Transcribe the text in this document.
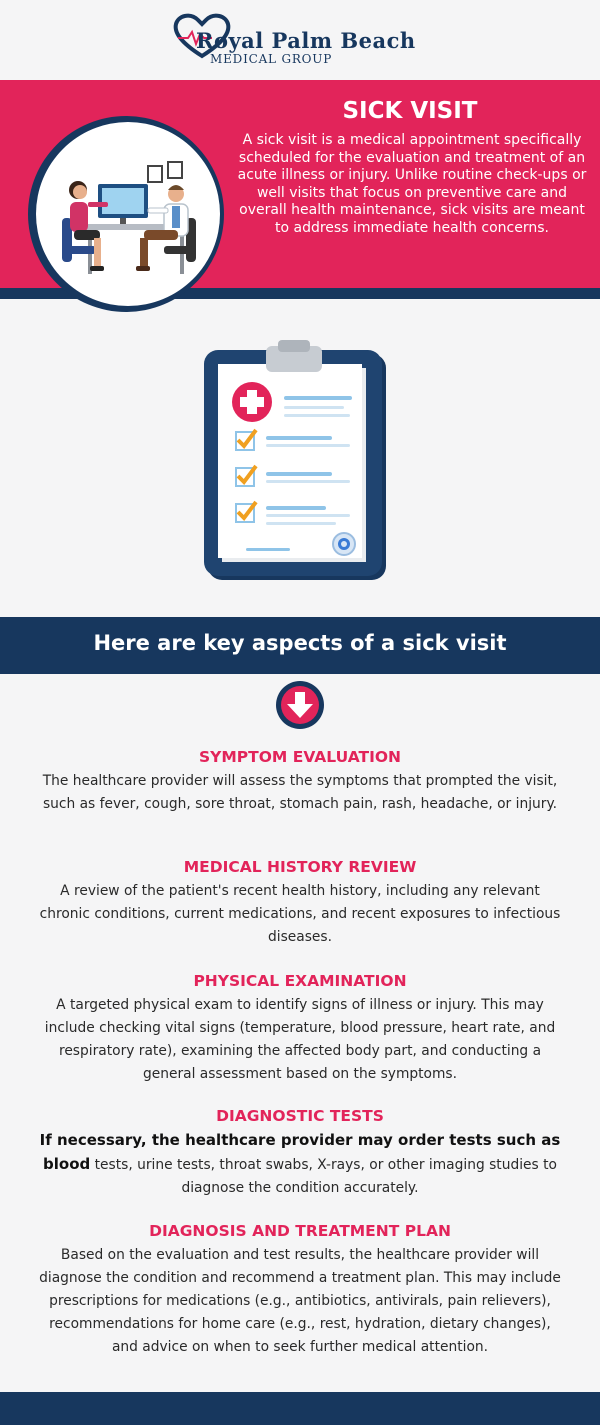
Royal Palm Beach
MEDICAL GROUP
SICK VISIT
A sick visit is a medical appointment specifically scheduled for the evaluation and treatment of an acute illness or injury. Unlike routine check-ups or well visits that focus on preventive care and overall health maintenance, sick visits are meant to address immediate health concerns.
Here are key aspects of a sick visit
SYMPTOM EVALUATION
The healthcare provider will assess the symptoms that prompted the visit, such as fever, cough, sore throat, stomach pain, rash, headache, or injury.
MEDICAL HISTORY REVIEW
A review of the patient's recent health history, including any relevant chronic conditions, current medications, and recent exposures to infectious diseases.
PHYSICAL EXAMINATION
A targeted physical exam to identify signs of illness or injury. This may include checking vital signs (temperature, blood pressure, heart rate, and respiratory rate), examining the affected body part, and conducting a general assessment based on the symptoms.
DIAGNOSTIC TESTS
If necessary, the healthcare provider may order tests such as blood tests, urine tests, throat swabs, X-rays, or other imaging studies to diagnose the condition accurately.
DIAGNOSIS AND TREATMENT PLAN
Based on the evaluation and test results, the healthcare provider will diagnose the condition and recommend a treatment plan. This may include prescriptions for medications (e.g., antibiotics, antivirals, pain relievers), recommendations for home care (e.g., rest, hydration, dietary changes), and advice on when to seek further medical attention.
